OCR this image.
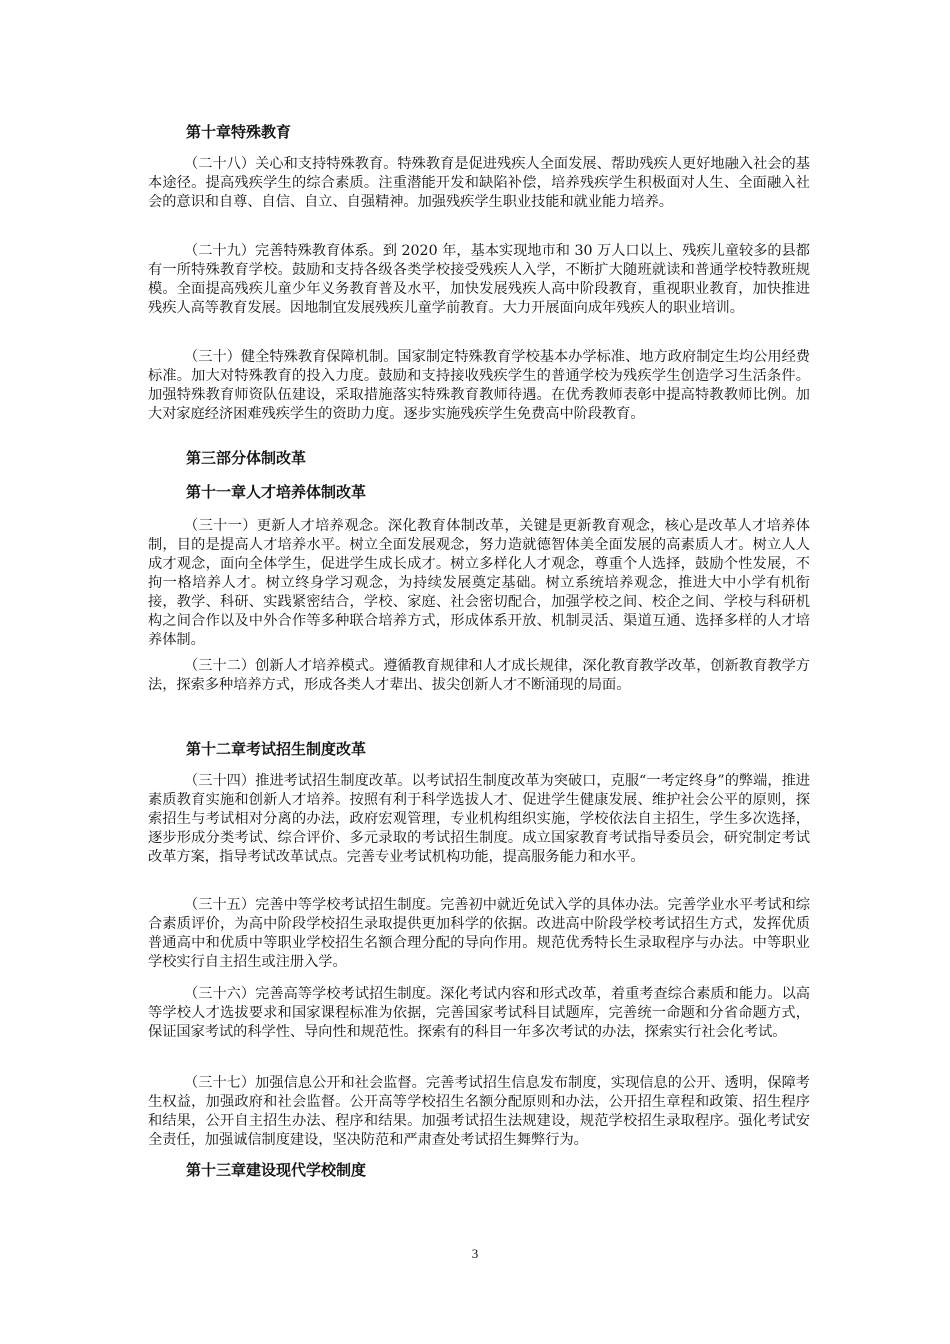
第十章特殊教育

（二十八）关心和支持特殊教育。特殊教育是促进残疾人全面发展、帮助残疾人更好地融入社会的基本途径。提高残疾学生的综合素质。注重潜能开发和缺陷补偿，培养残疾学生积极面对人生、全面融入社会的意识和自尊、自信、自立、自强精神。加强残疾学生职业技能和就业能力培养。

（二十九）完善特殊教育体系。到 2020 年，基本实现地市和 30 万人口以上、残疾儿童较多的县都有一所特殊教育学校。鼓励和支持各级各类学校接受残疾人入学，不断扩大随班就读和普通学校特教班规模。全面提高残疾儿童少年义务教育普及水平，加快发展残疾人高中阶段教育，重视职业教育，加快推进残疾人高等教育发展。因地制宜发展残疾儿童学前教育。大力开展面向成年残疾人的职业培训。

（三十）健全特殊教育保障机制。国家制定特殊教育学校基本办学标准、地方政府制定生均公用经费标准。加大对特殊教育的投入力度。鼓励和支持接收残疾学生的普通学校为残疾学生创造学习生活条件。加强特殊教育师资队伍建设，采取措施落实特殊教育教师待遇。在优秀教师表彰中提高特教教师比例。加大对家庭经济困难残疾学生的资助力度。逐步实施残疾学生免费高中阶段教育。

第三部分体制改革
第十一章人才培养体制改革

（三十一）更新人才培养观念。深化教育体制改革，关键是更新教育观念，核心是改革人才培养体制，目的是提高人才培养水平。树立全面发展观念，努力造就德智体美全面发展的高素质人才。树立人人成才观念，面向全体学生，促进学生成长成才。树立多样化人才观念，尊重个人选择，鼓励个性发展，不拘一格培养人才。树立终身学习观念，为持续发展奠定基础。树立系统培养观念，推进大中小学有机衔接，教学、科研、实践紧密结合，学校、家庭、社会密切配合，加强学校之间、校企之间、学校与科研机构之间合作以及中外合作等多种联合培养方式，形成体系开放、机制灵活、渠道互通、选择多样的人才培养体制。

（三十二）创新人才培养模式。遵循教育规律和人才成长规律，深化教育教学改革，创新教育教学方法，探索多种培养方式，形成各类人才辈出、拔尖创新人才不断涌现的局面。

第十二章考试招生制度改革

（三十四）推进考试招生制度改革。以考试招生制度改革为突破口，克服“一考定终身”的弊端，推进素质教育实施和创新人才培养。按照有利于科学选拔人才、促进学生健康发展、维护社会公平的原则，探索招生与考试相对分离的办法，政府宏观管理，专业机构组织实施，学校依法自主招生，学生多次选择，逐步形成分类考试、综合评价、多元录取的考试招生制度。成立国家教育考试指导委员会，研究制定考试改革方案，指导考试改革试点。完善专业考试机构功能，提高服务能力和水平。

（三十五）完善中等学校考试招生制度。完善初中就近免试入学的具体办法。完善学业水平考试和综合素质评价，为高中阶段学校招生录取提供更加科学的依据。改进高中阶段学校考试招生方式，发挥优质普通高中和优质中等职业学校招生名额合理分配的导向作用。规范优秀特长生录取程序与办法。中等职业学校实行自主招生或注册入学。

（三十六）完善高等学校考试招生制度。深化考试内容和形式改革，着重考查综合素质和能力。以高等学校人才选拔要求和国家课程标准为依据，完善国家考试科目试题库，完善统一命题和分省命题方式，保证国家考试的科学性、导向性和规范性。探索有的科目一年多次考试的办法，探索实行社会化考试。

（三十七）加强信息公开和社会监督。完善考试招生信息发布制度，实现信息的公开、透明，保障考生权益，加强政府和社会监督。公开高等学校招生名额分配原则和办法，公开招生章程和政策、招生程序和结果，公开自主招生办法、程序和结果。加强考试招生法规建设，规范学校招生录取程序。强化考试安全责任，加强诚信制度建设，坚决防范和严肃查处考试招生舞弊行为。

第十三章建设现代学校制度
3
